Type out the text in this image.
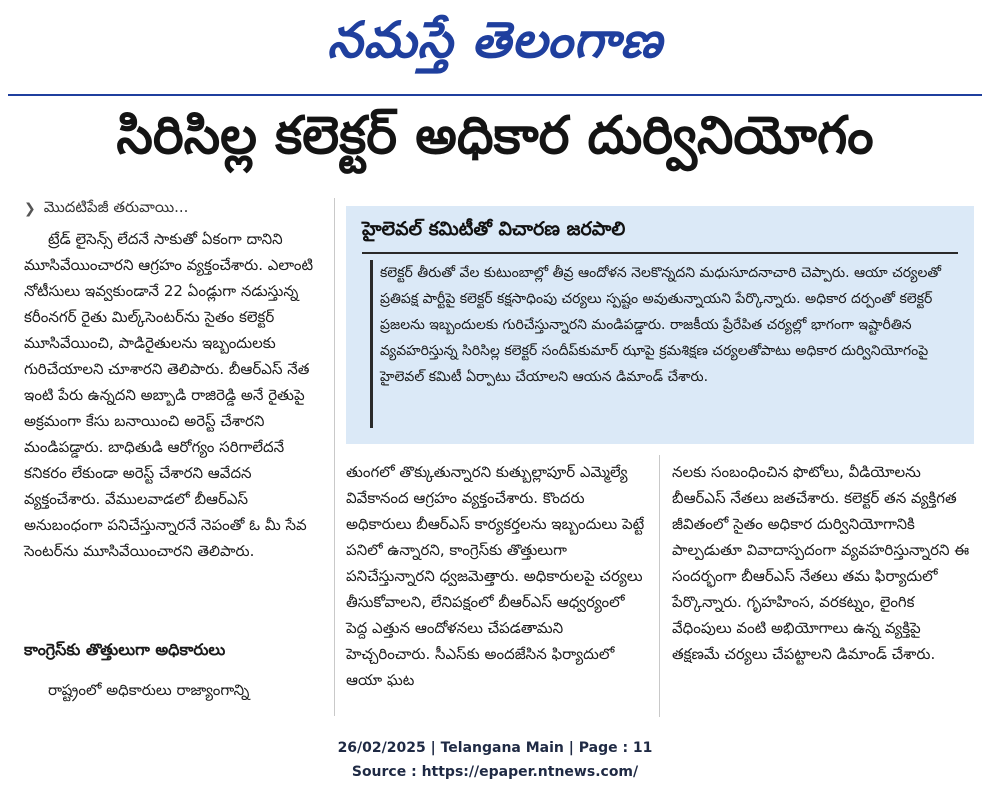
నమస్తే తెలంగాణ
సిరిసిల్ల కలెక్టర్ అధికార దుర్వినియోగం
❯ మొదటిపేజీ తరువాయి...

ట్రేడ్ లైసెన్స్ లేదనే సాకుతో ఏకంగా దానిని మూసివేయించారని ఆగ్రహం వ్యక్తంచేశారు. ఎలాంటి నోటీసులు ఇవ్వకుండానే 22 ఏండ్లుగా నడుస్తున్న కరీంనగర్ రైతు మిల్క్‌సెంటర్‌ను సైతం కలెక్టర్ మూసివేయించి, పాడిరైతులను ఇబ్బందులకు గురిచేయాలని చూశారని తెలిపారు. బీఆర్ఎస్ నేత ఇంటి పేరు ఉన్నదని అబ్బాడి రాజిరెడ్డి అనే రైతుపై అక్రమంగా కేసు బనాయించి అరెస్ట్ చేశారని మండిపడ్డారు. బాధితుడి ఆరోగ్యం సరిగాలేదనే కనికరం లేకుండా అరెస్ట్ చేశారని ఆవేదన వ్యక్తంచేశారు. వేములవాడలో బీఆర్ఎస్ అనుబంధంగా పనిచేస్తున్నారనే నెపంతో ఓ మీ సేవ సెంటర్‌ను మూసివేయించారని తెలిపారు.

కాంగ్రెస్‌కు తొత్తులుగా అధికారులు
రాష్ట్రంలో అధికారులు రాజ్యాంగాన్ని
హైలెవల్ కమిటీతో విచారణ జరపాలి
కలెక్టర్ తీరుతో వేల కుటుంబాల్లో తీవ్ర ఆందోళన నెలకొన్నదని మధుసూదనాచారి చెప్పారు. ఆయా చర్యలతో ప్రతిపక్ష పార్టీపై కలెక్టర్ కక్షసాధింపు చర్యలు స్పష్టం అవుతున్నాయని పేర్కొన్నారు. అధికార దర్పంతో కలెక్టర్ ప్రజలను ఇబ్బందులకు గురిచేస్తున్నారని మండిపడ్డారు. రాజకీయ ప్రేరేపిత చర్యల్లో భాగంగా ఇష్టారీతిన వ్యవహరిస్తున్న సిరిసిల్ల కలెక్టర్ సందీప్‌కుమార్ ఝాపై క్రమశిక్షణ చర్యలతోపాటు అధికార దుర్వినియోగంపై హైలెవల్ కమిటీ ఏర్పాటు చేయాలని ఆయన డిమాండ్ చేశారు.
తుంగలో తొక్కుతున్నారని కుత్బుల్లాపూర్ ఎమ్మెల్యే వివేకానంద ఆగ్రహం వ్యక్తంచేశారు. కొందరు అధికారులు బీఆర్ఎస్ కార్యకర్తలను ఇబ్బందులు పెట్టే పనిలో ఉన్నారని, కాంగ్రెస్‌కు తొత్తులుగా పనిచేస్తున్నారని ధ్వజమెత్తారు. అధికారులపై చర్యలు తీసుకోవాలని, లేనిపక్షంలో బీఆర్ఎస్ ఆధ్వర్యంలో పెద్ద ఎత్తున ఆందోళనలు చేపడతామని హెచ్చరించారు. సీఎస్‌కు అందజేసిన ఫిర్యాదులో ఆయా ఘట
నలకు సంబంధించిన ఫొటోలు, వీడియోలను బీఆర్ఎస్ నేతలు జతచేశారు. కలెక్టర్ తన వ్యక్తిగత జీవితంలో సైతం అధికార దుర్వినియోగానికి పాల్పడుతూ వివాదాస్పదంగా వ్యవహరిస్తున్నారని ఈ సందర్భంగా బీఆర్ఎస్ నేతలు తమ ఫిర్యాదులో పేర్కొన్నారు. గృహహింస, వరకట్నం, లైంగిక వేధింపులు వంటి అభియోగాలు ఉన్న వ్యక్తిపై తక్షణమే చర్యలు చేపట్టాలని డిమాండ్ చేశారు.
26/02/2025 | Telangana Main | Page : 11
Source : https://epaper.ntnews.com/
